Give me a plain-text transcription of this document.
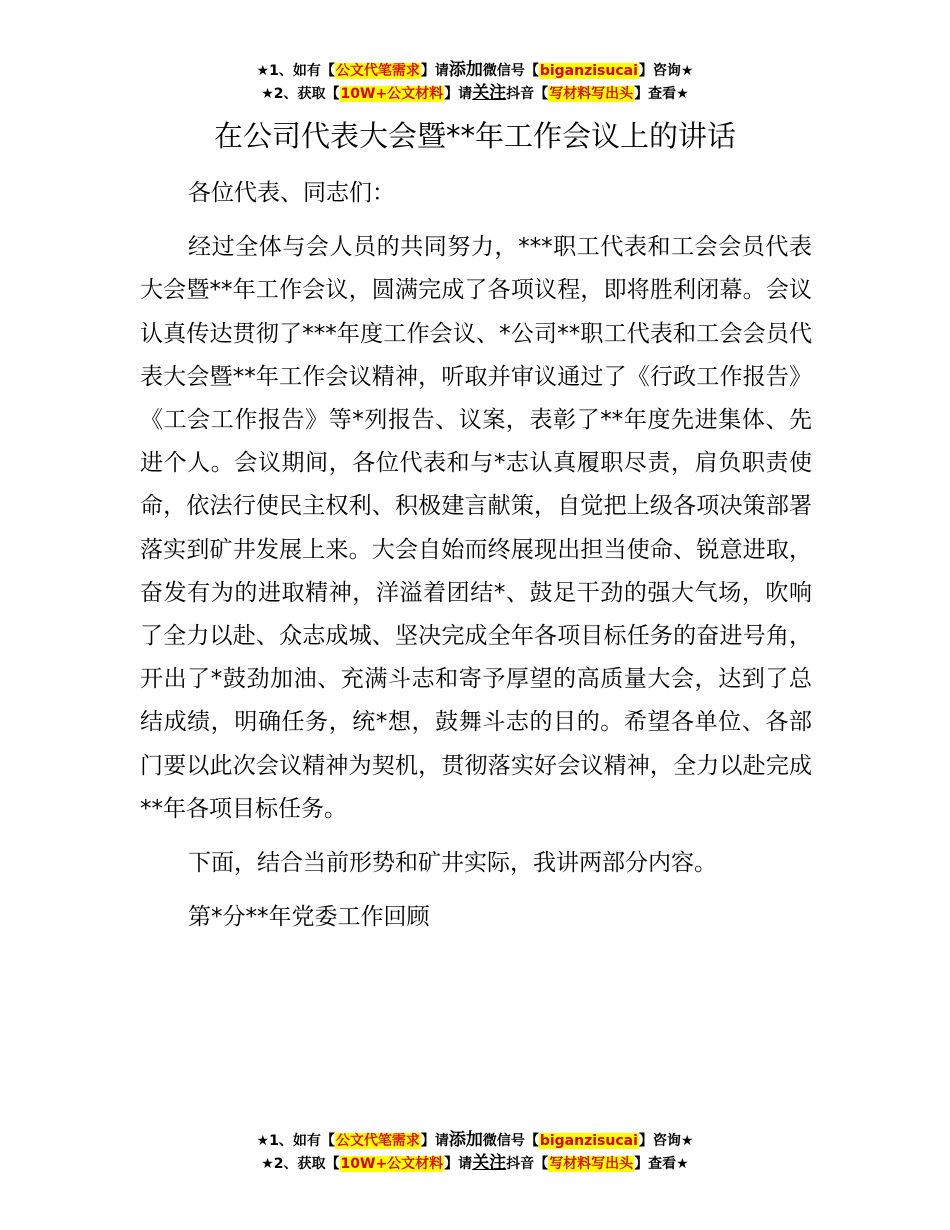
★1、如有【公文代笔需求】请添加微信号【biganzisucai】咨询★
★2、获取【10W+公文材料】请关注抖音【写材料写出头】查看★
在公司代表大会暨**年工作会议上的讲话

各位代表、同志们：

经过全体与会人员的共同努力，***职工代表和工会会员代表大会暨**年工作会议，圆满完成了各项议程，即将胜利闭幕。会议认真传达贯彻了***年度工作会议、*公司**职工代表和工会会员代表大会暨**年工作会议精神，听取并审议通过了《行政工作报告》《工会工作报告》等*列报告、议案，表彰了**年度先进集体、先进个人。会议期间，各位代表和与*志认真履职尽责，肩负职责使命，依法行使民主权利、积极建言献策，自觉把上级各项决策部署落实到矿井发展上来。大会自始而终展现出担当使命、锐意进取，奋发有为的进取精神，洋溢着团结*、鼓足干劲的强大气场，吹响了全力以赴、众志成城、坚决完成全年各项目标任务的奋进号角，开出了*鼓劲加油、充满斗志和寄予厚望的高质量大会，达到了总结成绩，明确任务，统*想，鼓舞斗志的目的。希望各单位、各部门要以此次会议精神为契机，贯彻落实好会议精神，全力以赴完成**年各项目标任务。

下面，结合当前形势和矿井实际，我讲两部分内容。

第*分**年党委工作回顾

★1、如有【公文代笔需求】请添加微信号【biganzisucai】咨询★
★2、获取【10W+公文材料】请关注抖音【写材料写出头】查看★
